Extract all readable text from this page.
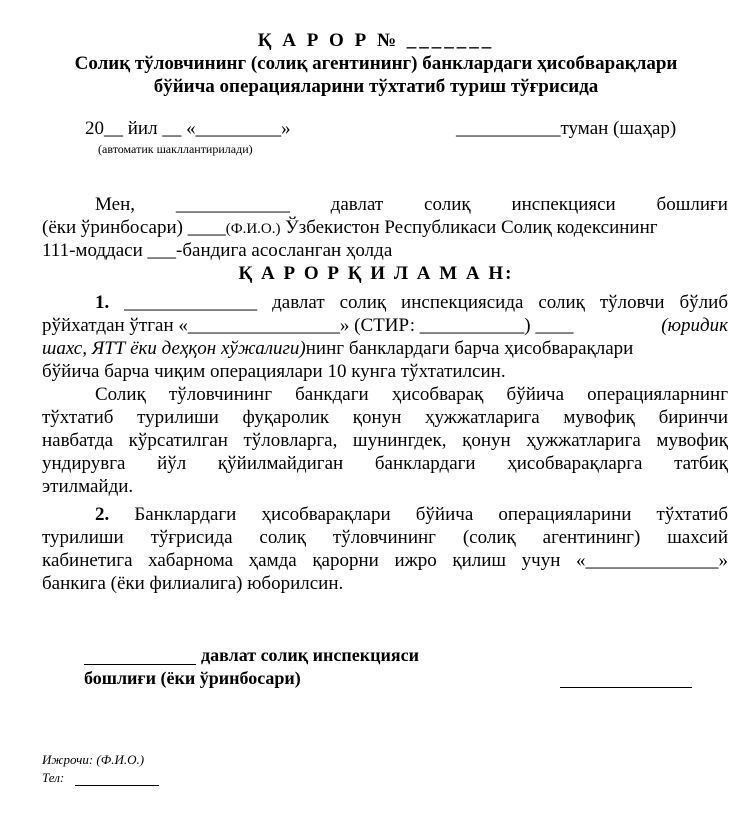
Қ А Р О Р № _______
Солиқ тўловчининг (солиқ агентининг) банклардаги ҳисобварақлари
бўйича операцияларини тўхтатиб туриш тўғрисида
20__ йил __ «_________»
(автоматик шакллантирилади)
___________туман (шаҳар)
Мен, ____________ давлат солиқ инспекцияси бошлиғи
(ёки ўринбосари) ____(Ф.И.О.) Ўзбекистон Республикаси Солиқ кодексининг
111-моддаси ___-бандига асосланган ҳолда
Қ А Р О Р Қ И Л А М А Н:
1. ______________ давлат солиқ инспекциясида солиқ тўловчи бўлиб
рўйхатдан ўтган «________________» (СТИР: ___________) ____	(юридик
шахс, ЯТТ ёки деҳқон хўжалиги)нинг банклардаги барча ҳисобварақлари
бўйича барча чиқим операциялари 10 кунга тўхтатилсин.
Солиқ тўловчининг банкдаги ҳисобварақ бўйича операцияларнинг
тўхтатиб турилиши фуқаролик қонун ҳужжатларига мувофиқ биринчи
навбатда кўрсатилган тўловларга, шунингдек, қонун ҳужжатларига мувофиқ
ундирувга йўл қўйилмайдиган банклардаги ҳисобварақларга татбиқ
этилмайди.
2. Банклардаги ҳисобварақлари бўйича операцияларини тўхтатиб
турилиши тўғрисида солиқ тўловчининг (солиқ агентининг) шахсий
кабинетига хабарнома ҳамда қарорни ижро қилиш учун «______________»
банкига (ёки филиалига) юборилсин.
давлат солиқ инспекцияси
бошлиғи (ёки ўринбосари)
Ижрочи: (Ф.И.О.)
Тел:
